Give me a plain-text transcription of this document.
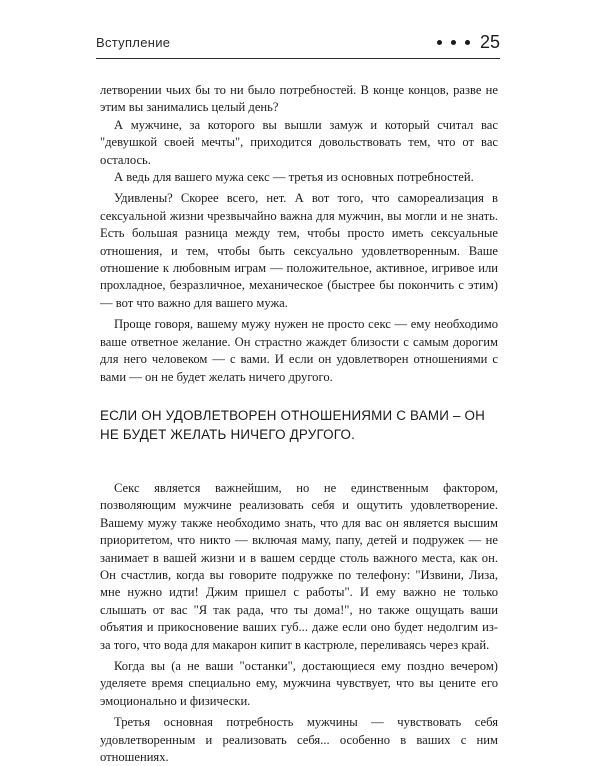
Вступление	25

летворении чьих бы то ни было потребностей. В конце концов, разве не этим вы занимались целый день?

А мужчине, за которого вы вышли замуж и который считал вас "девушкой своей мечты", приходится довольствовать тем, что от вас осталось.

А ведь для вашего мужа секс — третья из основных потребностей.

Удивлены? Скорее всего, нет. А вот того, что самореализация в сексуальной жизни чрезвычайно важна для мужчин, вы могли и не знать. Есть большая разница между тем, чтобы просто иметь сексуальные отношения, и тем, чтобы быть сексуально удовлетворенным. Ваше отношение к любовным играм — положительное, активное, игривое или прохладное, безразличное, механическое (быстрее бы покончить с этим) — вот что важно для вашего мужа.

Проще говоря, вашему мужу нужен не просто секс — ему необходимо ваше ответное желание. Он страстно жаждет близости с самым дорогим для него человеком — с вами. И если он удовлетворен отношениями с вами — он не будет желать ничего другого.

ЕСЛИ ОН УДОВЛЕТВОРЕН ОТНОШЕНИЯМИ С ВАМИ – ОН НЕ БУДЕТ ЖЕЛАТЬ НИЧЕГО ДРУГОГО.

Секс является важнейшим, но не единственным фактором, позволяющим мужчине реализовать себя и ощутить удовлетворение. Вашему мужу также необходимо знать, что для вас он является высшим приоритетом, что никто — включая маму, папу, детей и подружек — не занимает в вашей жизни и в вашем сердце столь важного места, как он. Он счастлив, когда вы говорите подружке по телефону: "Извини, Лиза, мне нужно идти! Джим пришел с работы". И ему важно не только слышать от вас "Я так рада, что ты дома!", но также ощущать ваши объятия и прикосновение ваших губ... даже если оно будет недолгим из-за того, что вода для макарон кипит в кастрюле, переливаясь через край.

Когда вы (а не ваши "останки", достающиеся ему поздно вечером) уделяете время специально ему, мужчина чувствует, что вы цените его эмоционально и физически.

Третья основная потребность мужчины — чувствовать себя удовлетворенным и реализовать себя... особенно в ваших с ним отношениях.
